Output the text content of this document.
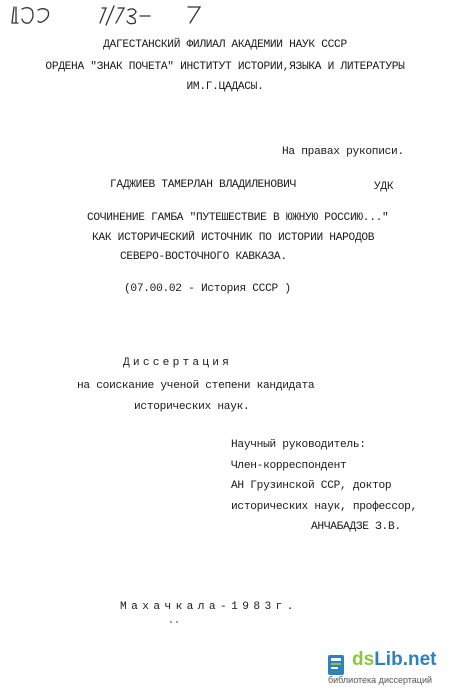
ЮЦ 7/87-7
ДАГЕСТАНСКИЙ ФИЛИАЛ АКАДЕМИИ НАУК СССР
ОРДЕНА "ЗНАК ПОЧЕТА" ИНСТИТУТ ИСТОРИИ,ЯЗЫКА И ЛИТЕРАТУРЫ
ИМ.Г.ЦАДАСЫ.
На правах рукописи.
ГАДЖИЕВ ТАМЕРЛАН ВЛАДИЛЕНОВИЧ	УДК
СОЧИНЕНИЕ ГАМБА "ПУТЕШЕСТВИЕ В ЮЖНУЮ РОССИЮ..."
КАК ИСТОРИЧЕСКИЙ ИСТОЧНИК ПО ИСТОРИИ НАРОДОВ
СЕВЕРО-ВОСТОЧНОГО КАВКАЗА.
(07.00.02 - История СССР )
Диссертация
на соискание ученой степени кандидата
исторических наук.
Научный руководитель:
Член-корреспондент
АН Грузинской ССР, доктор
исторических наук, профессор,
АНЧАБАДЗЕ З.В.
Махачкала-1983г.
dsLib.net
библиотека диссертаций
